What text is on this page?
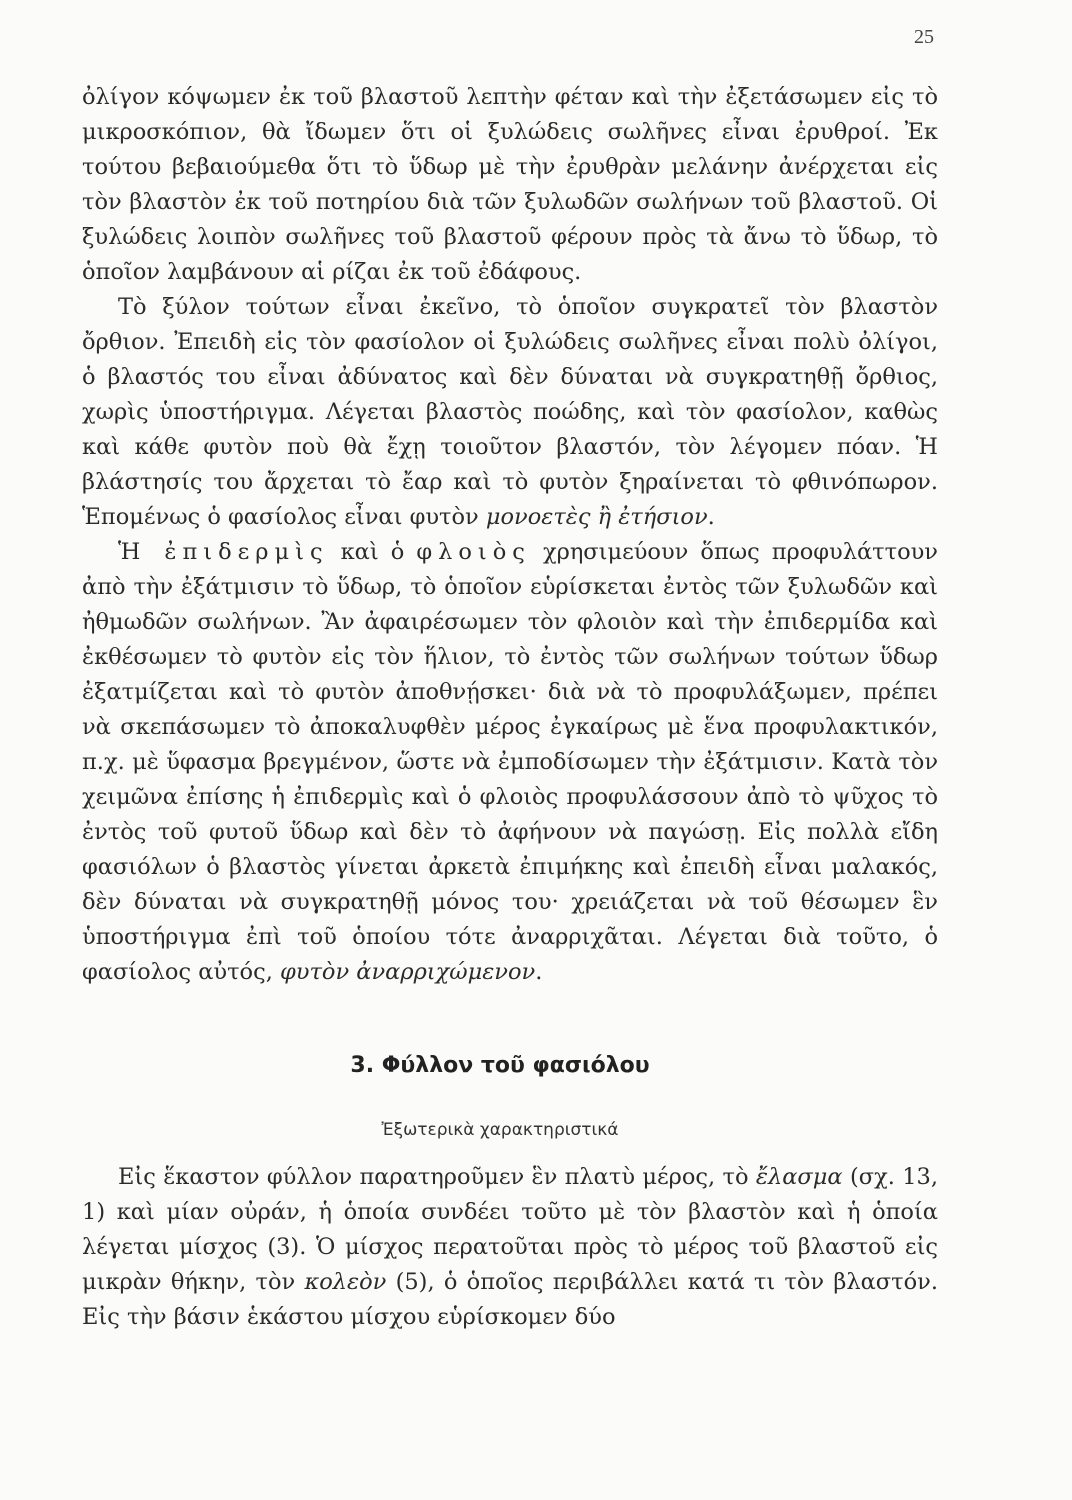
25

ὀλίγον κόψωμεν ἐκ τοῦ βλαστοῦ λεπτὴν φέταν καὶ τὴν ἐξετάσωμεν εἰς τὸ μικροσκόπιον, θὰ ἴδωμεν ὅτι οἱ ξυλώδεις σωλῆνες εἶναι ἐρυθροί. Ἐκ τούτου βεβαιούμεθα ὅτι τὸ ὕδωρ μὲ τὴν ἐρυθρὰν μελάνην ἀνέρχεται εἰς τὸν βλαστὸν ἐκ τοῦ ποτηρίου διὰ τῶν ξυλωδῶν σωλήνων τοῦ βλαστοῦ. Οἱ ξυλώδεις λοιπὸν σωλῆνες τοῦ βλαστοῦ φέρουν πρὸς τὰ ἄνω τὸ ὕδωρ, τὸ ὁποῖον λαμβάνουν αἱ ρίζαι ἐκ τοῦ ἐδάφους.

Τὸ ξύλον τούτων εἶναι ἐκεῖνο, τὸ ὁποῖον συγκρατεῖ τὸν βλαστὸν ὄρθιον. Ἐπειδὴ εἰς τὸν φασίολον οἱ ξυλώδεις σωλῆνες εἶναι πολὺ ὀλίγοι, ὁ βλαστός του εἶναι ἀδύνατος καὶ δὲν δύναται νὰ συγκρατηθῇ ὄρθιος, χωρὶς ὑποστήριγμα. Λέγεται βλαστὸς ποώδης, καὶ τὸν φασίολον, καθὼς καὶ κάθε φυτὸν ποὺ θὰ ἔχῃ τοιοῦτον βλαστόν, τὸν λέγομεν πόαν. Ἡ βλάστησίς του ἄρχεται τὸ ἔαρ καὶ τὸ φυτὸν ξηραίνεται τὸ φθινόπωρον. Ἑπομένως ὁ φασίολος εἶναι φυτὸν μονοετὲς ἢ ἐτήσιον.

Ἡ ἐπιδερμὶς καὶ ὁ φλοιὸς χρησιμεύουν ὅπως προφυλάττουν ἀπὸ τὴν ἐξάτμισιν τὸ ὕδωρ, τὸ ὁποῖον εὑρίσκεται ἐντὸς τῶν ξυλωδῶν καὶ ἠθμωδῶν σωλήνων. Ἂν ἀφαιρέσωμεν τὸν φλοιὸν καὶ τὴν ἐπιδερμίδα καὶ ἐκθέσωμεν τὸ φυτὸν εἰς τὸν ἥλιον, τὸ ἐντὸς τῶν σωλήνων τούτων ὕδωρ ἐξατμίζεται καὶ τὸ φυτὸν ἀποθνῄσκει· διὰ νὰ τὸ προφυλάξωμεν, πρέπει νὰ σκεπάσωμεν τὸ ἀποκαλυφθὲν μέρος ἐγκαίρως μὲ ἕνα προφυλακτικόν, π.χ. μὲ ὕφασμα βρεγμένον, ὥστε νὰ ἐμποδίσωμεν τὴν ἐξάτμισιν. Κατὰ τὸν χειμῶνα ἐπίσης ἡ ἐπιδερμὶς καὶ ὁ φλοιὸς προφυλάσσουν ἀπὸ τὸ ψῦχος τὸ ἐντὸς τοῦ φυτοῦ ὕδωρ καὶ δὲν τὸ ἀφήνουν νὰ παγώσῃ. Εἰς πολλὰ εἴδη φασιόλων ὁ βλαστὸς γίνεται ἀρκετὰ ἐπιμήκης καὶ ἐπειδὴ εἶναι μαλακός, δὲν δύναται νὰ συγκρατηθῇ μόνος του· χρειάζεται νὰ τοῦ θέσωμεν ἓν ὑποστήριγμα ἐπὶ τοῦ ὁποίου τότε ἀναρριχᾶται. Λέγεται διὰ τοῦτο, ὁ φασίολος αὐτός, φυτὸν ἀναρριχώμενον.

3. Φύλλον τοῦ φασιόλου
Ἐξωτερικὰ χαρακτηριστικά

Εἰς ἕκαστον φύλλον παρατηροῦμεν ἓν πλατὺ μέρος, τὸ ἔλασμα (σχ. 13, 1) καὶ μίαν οὐράν, ἡ ὁποία συνδέει τοῦτο μὲ τὸν βλαστὸν καὶ ἡ ὁποία λέγεται μίσχος (3). Ὁ μίσχος περατοῦται πρὸς τὸ μέρος τοῦ βλαστοῦ εἰς μικρὰν θήκην, τὸν κολεὸν (5), ὁ ὁποῖος περιβάλλει κατά τι τὸν βλαστόν. Εἰς τὴν βάσιν ἑκάστου μίσχου εὑρίσκομεν δύο
